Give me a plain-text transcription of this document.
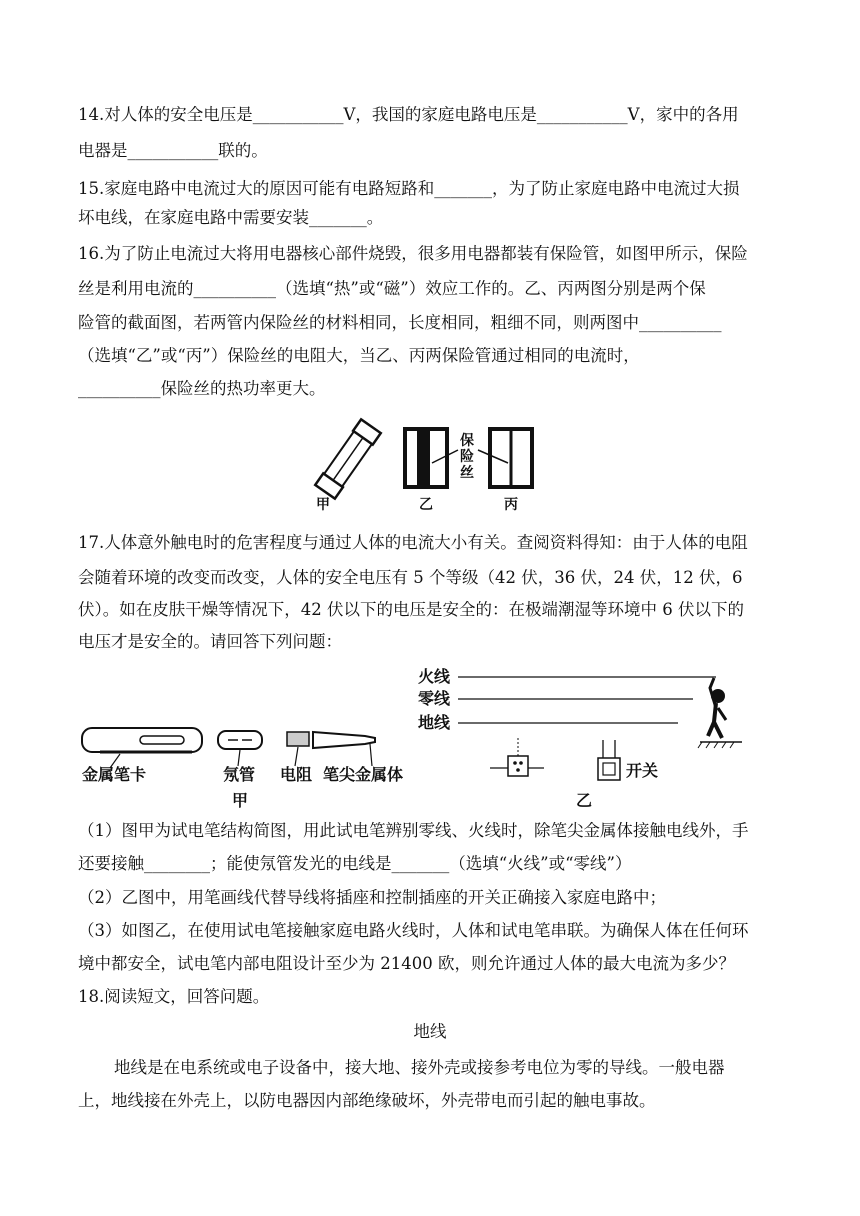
14.对人体的安全电压是___________V，我国的家庭电路电压是___________V，家中的各用
电器是___________联的。
15.家庭电路中电流过大的原因可能有电路短路和_______，为了防止家庭电路中电流过大损
坏电线，在家庭电路中需要安装_______。
16.为了防止电流过大将用电器核心部件烧毁，很多用电器都装有保险管，如图甲所示，保险
丝是利用电流的__________（选填“热”或“磁”）效应工作的。乙、丙两图分别是两个保
险管的截面图，若两管内保险丝的材料相同，长度相同，粗细不同，则两图中__________
（选填“乙”或“丙”）保险丝的电阻大，当乙、丙两保险管通过相同的电流时，
__________保险丝的热功率更大。
保
险
丝
甲	乙	丙
17.人体意外触电时的危害程度与通过人体的电流大小有关。查阅资料得知：由于人体的电阻
会随着环境的改变而改变，人体的安全电压有 5 个等级（42 伏，36 伏，24 伏，12 伏，6
伏）。如在皮肤干燥等情况下，42 伏以下的电压是安全的：在极端潮湿等环境中 6 伏以下的
电压才是安全的。请回答下列问题：
金属笔卡	氖管 电阻 笔尖金属体
甲
火线
零线
地线
开关
乙
（1）图甲为试电笔结构简图，用此试电笔辨别零线、火线时，除笔尖金属体接触电线外，手
还要接触________；能使氖管发光的电线是_______（选填“火线”或“零线”）
（2）乙图中，用笔画线代替导线将插座和控制插座的开关正确接入家庭电路中；
（3）如图乙，在使用试电笔接触家庭电路火线时，人体和试电笔串联。为确保人体在任何环
境中都安全，试电笔内部电阻设计至少为 21400 欧，则允许通过人体的最大电流为多少？
18.阅读短文，回答问题。
地线
地线是在电系统或电子设备中，接大地、接外壳或接参考电位为零的导线。一般电器
上，地线接在外壳上，以防电器因内部绝缘破坏，外壳带电而引起的触电事故。
